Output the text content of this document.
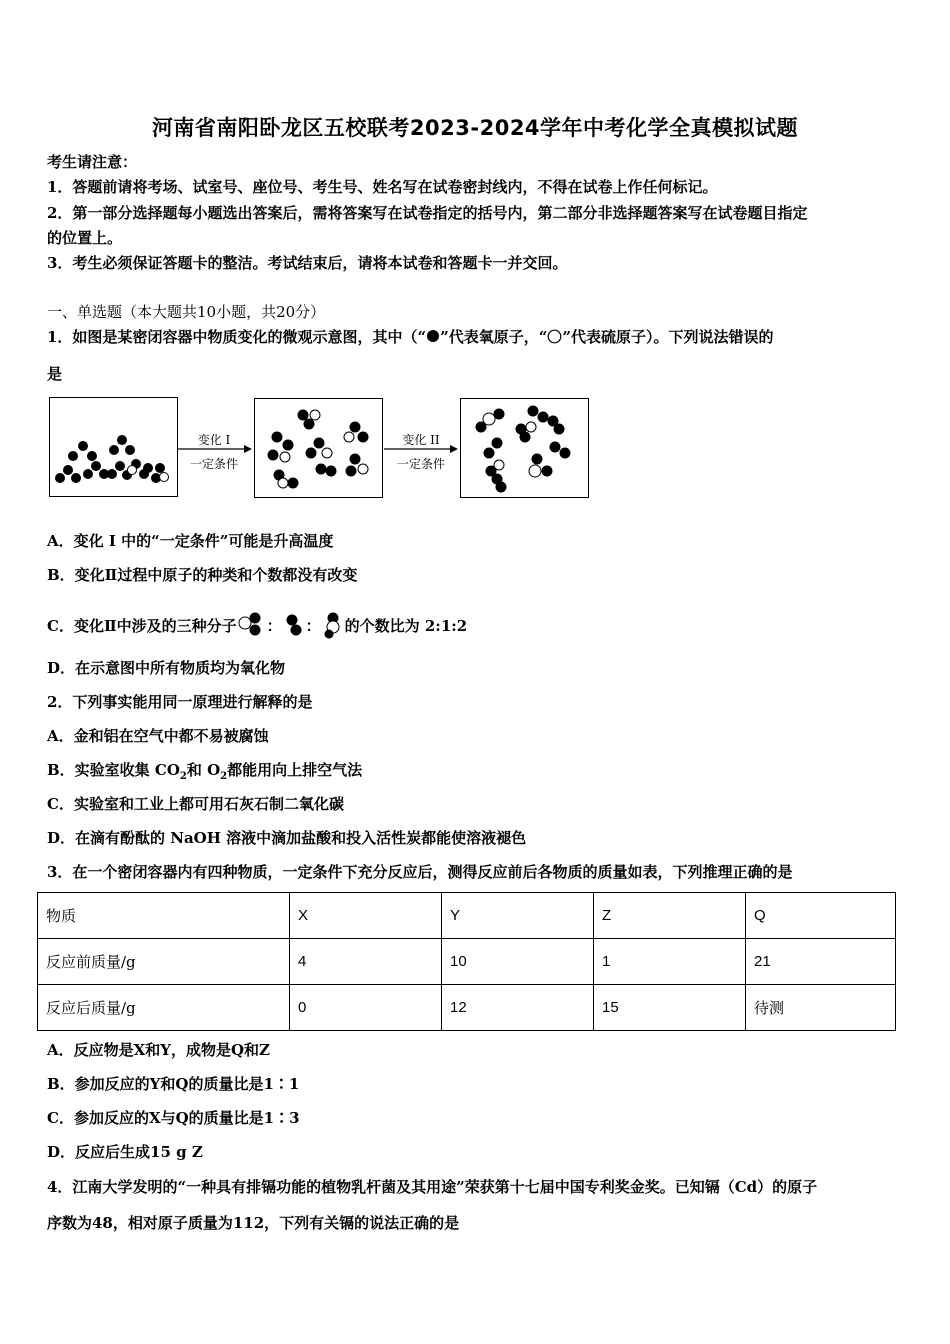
河南省南阳卧龙区五校联考2023-2024学年中考化学全真模拟试题
考生请注意：
1．答题前请将考场、试室号、座位号、考生号、姓名写在试卷密封线内，不得在试卷上作任何标记。
2．第一部分选择题每小题选出答案后，需将答案写在试卷指定的括号内，第二部分非选择题答案写在试卷题目指定
的位置上。
3．考生必须保证答题卡的整洁。考试结束后，请将本试卷和答题卡一并交回。
一、单选题（本大题共10小题，共20分）
1．如图是某密闭容器中物质变化的微观示意图，其中（“ ”代表氧原子，“ ”代表硫原子）。下列说法错误的
是
变化 I
一定条件
变化 II
一定条件
A．变化 I 中的“一定条件”可能是升高温度
B．变化Ⅱ过程中原子的种类和个数都没有改变
C．变化Ⅱ中涉及的三种分子 ： ： 的个数比为 2:1:2
D．在示意图中所有物质均为氧化物
2．下列事实能用同一原理进行解释的是
A．金和铝在空气中都不易被腐蚀
B．实验室收集 $CO_2$和 $O_2$都能用向上排空气法
C．实验室和工业上都可用石灰石制二氧化碳
D．在滴有酚酞的 NaOH 溶液中滴加盐酸和投入活性炭都能使溶液褪色
3．在一个密闭容器内有四种物质，一定条件下充分反应后，测得反应前后各物质的质量如表，下列推理正确的是
物质	X	Y	Z	Q
反应前质量/g	4	10	1	21
反应后质量/g	0	12	15	待测
A．反应物是X和Y，成物是Q和Z
B．参加反应的Y和Q的质量比是1∶1
C．参加反应的X与Q的质量比是1∶3
D．反应后生成15 g Z
4．江南大学发明的“一种具有排镉功能的植物乳杆菌及其用途”荣获第十七届中国专利奖金奖。已知镉（Cd）的原子
序数为48，相对原子质量为112，下列有关镉的说法正确的是
